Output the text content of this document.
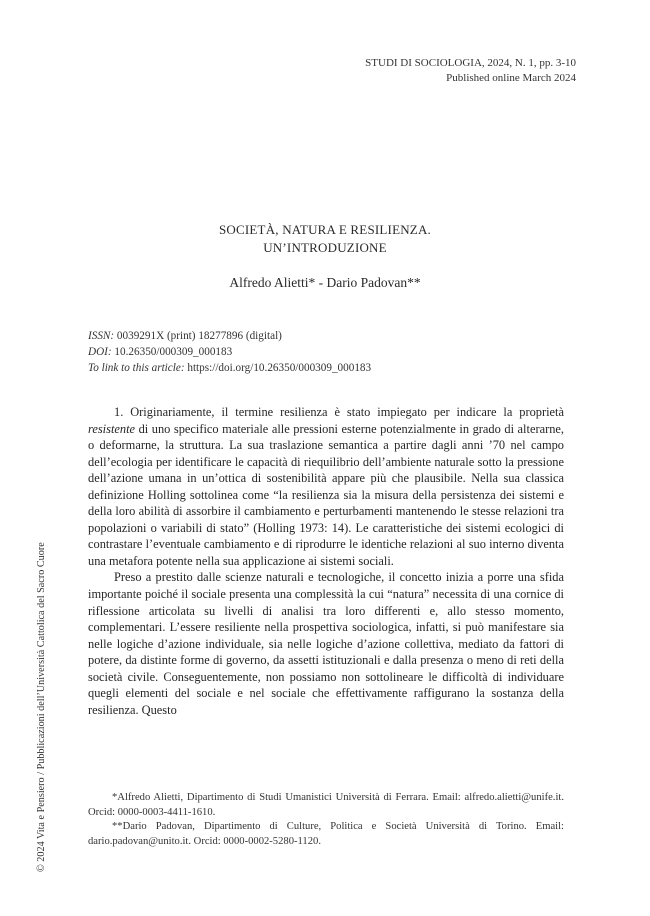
STUDI DI SOCIOLOGIA, 2024, N. 1, pp. 3-10
Published online March 2024
SOCIETÀ, NATURA E RESILIENZA.
UN’INTRODUZIONE
Alfredo Alietti* - Dario Padovan**
ISSN: 0039291X (print) 18277896 (digital)
DOI: 10.26350/000309_000183
To link to this article: https://doi.org/10.26350/000309_000183

1. Originariamente, il termine resilienza è stato impiegato per indicare la proprietà resistente di uno specifico materiale alle pressioni esterne potenzialmente in grado di alterarne, o deformarne, la struttura. La sua traslazione semantica a partire dagli anni ’70 nel campo dell’ecologia per identificare le capacità di riequilibrio dell’ambiente naturale sotto la pressione dell’azione umana in un’ottica di sostenibilità appare più che plausibile. Nella sua classica definizione Holling sottolinea come “la resilienza sia la misura della persistenza dei sistemi e della loro abilità di assorbire il cambiamento e perturbamenti mantenendo le stesse relazioni tra popolazioni o variabili di stato” (Holling 1973: 14). Le caratteristiche dei sistemi ecologici di contrastare l’eventuale cambiamento e di riprodurre le identiche relazioni al suo interno diventa una metafora potente nella sua applicazione ai sistemi sociali.

Preso a prestito dalle scienze naturali e tecnologiche, il concetto inizia a porre una sfida importante poiché il sociale presenta una complessità la cui “natura” necessita di una cornice di riflessione articolata su livelli di analisi tra loro differenti e, allo stesso momento, complementari. L’essere resiliente nella prospettiva sociologica, infatti, si può manifestare sia nelle logiche d’azione individuale, sia nelle logiche d’azione collettiva, mediato da fattori di potere, da distinte forme di governo, da assetti istituzionali e dalla presenza o meno di reti della società civile. Conseguentemente, non possiamo non sottolineare le difficoltà di individuare quegli elementi del sociale e nel sociale che effettivamente raffigurano la sostanza della resilienza. Questo

*Alfredo Alietti, Dipartimento di Studi Umanistici Università di Ferrara. Email: alfredo.alietti@unife.it. Orcid: 0000-0003-4411-1610.

**Dario Padovan, Dipartimento di Culture, Politica e Società Università di Torino. Email: dario.padovan@unito.it. Orcid: 0000-0002-5280-1120.

© 2024 Vita e Pensiero / Pubblicazioni dell’Università Cattolica del Sacro Cuore
